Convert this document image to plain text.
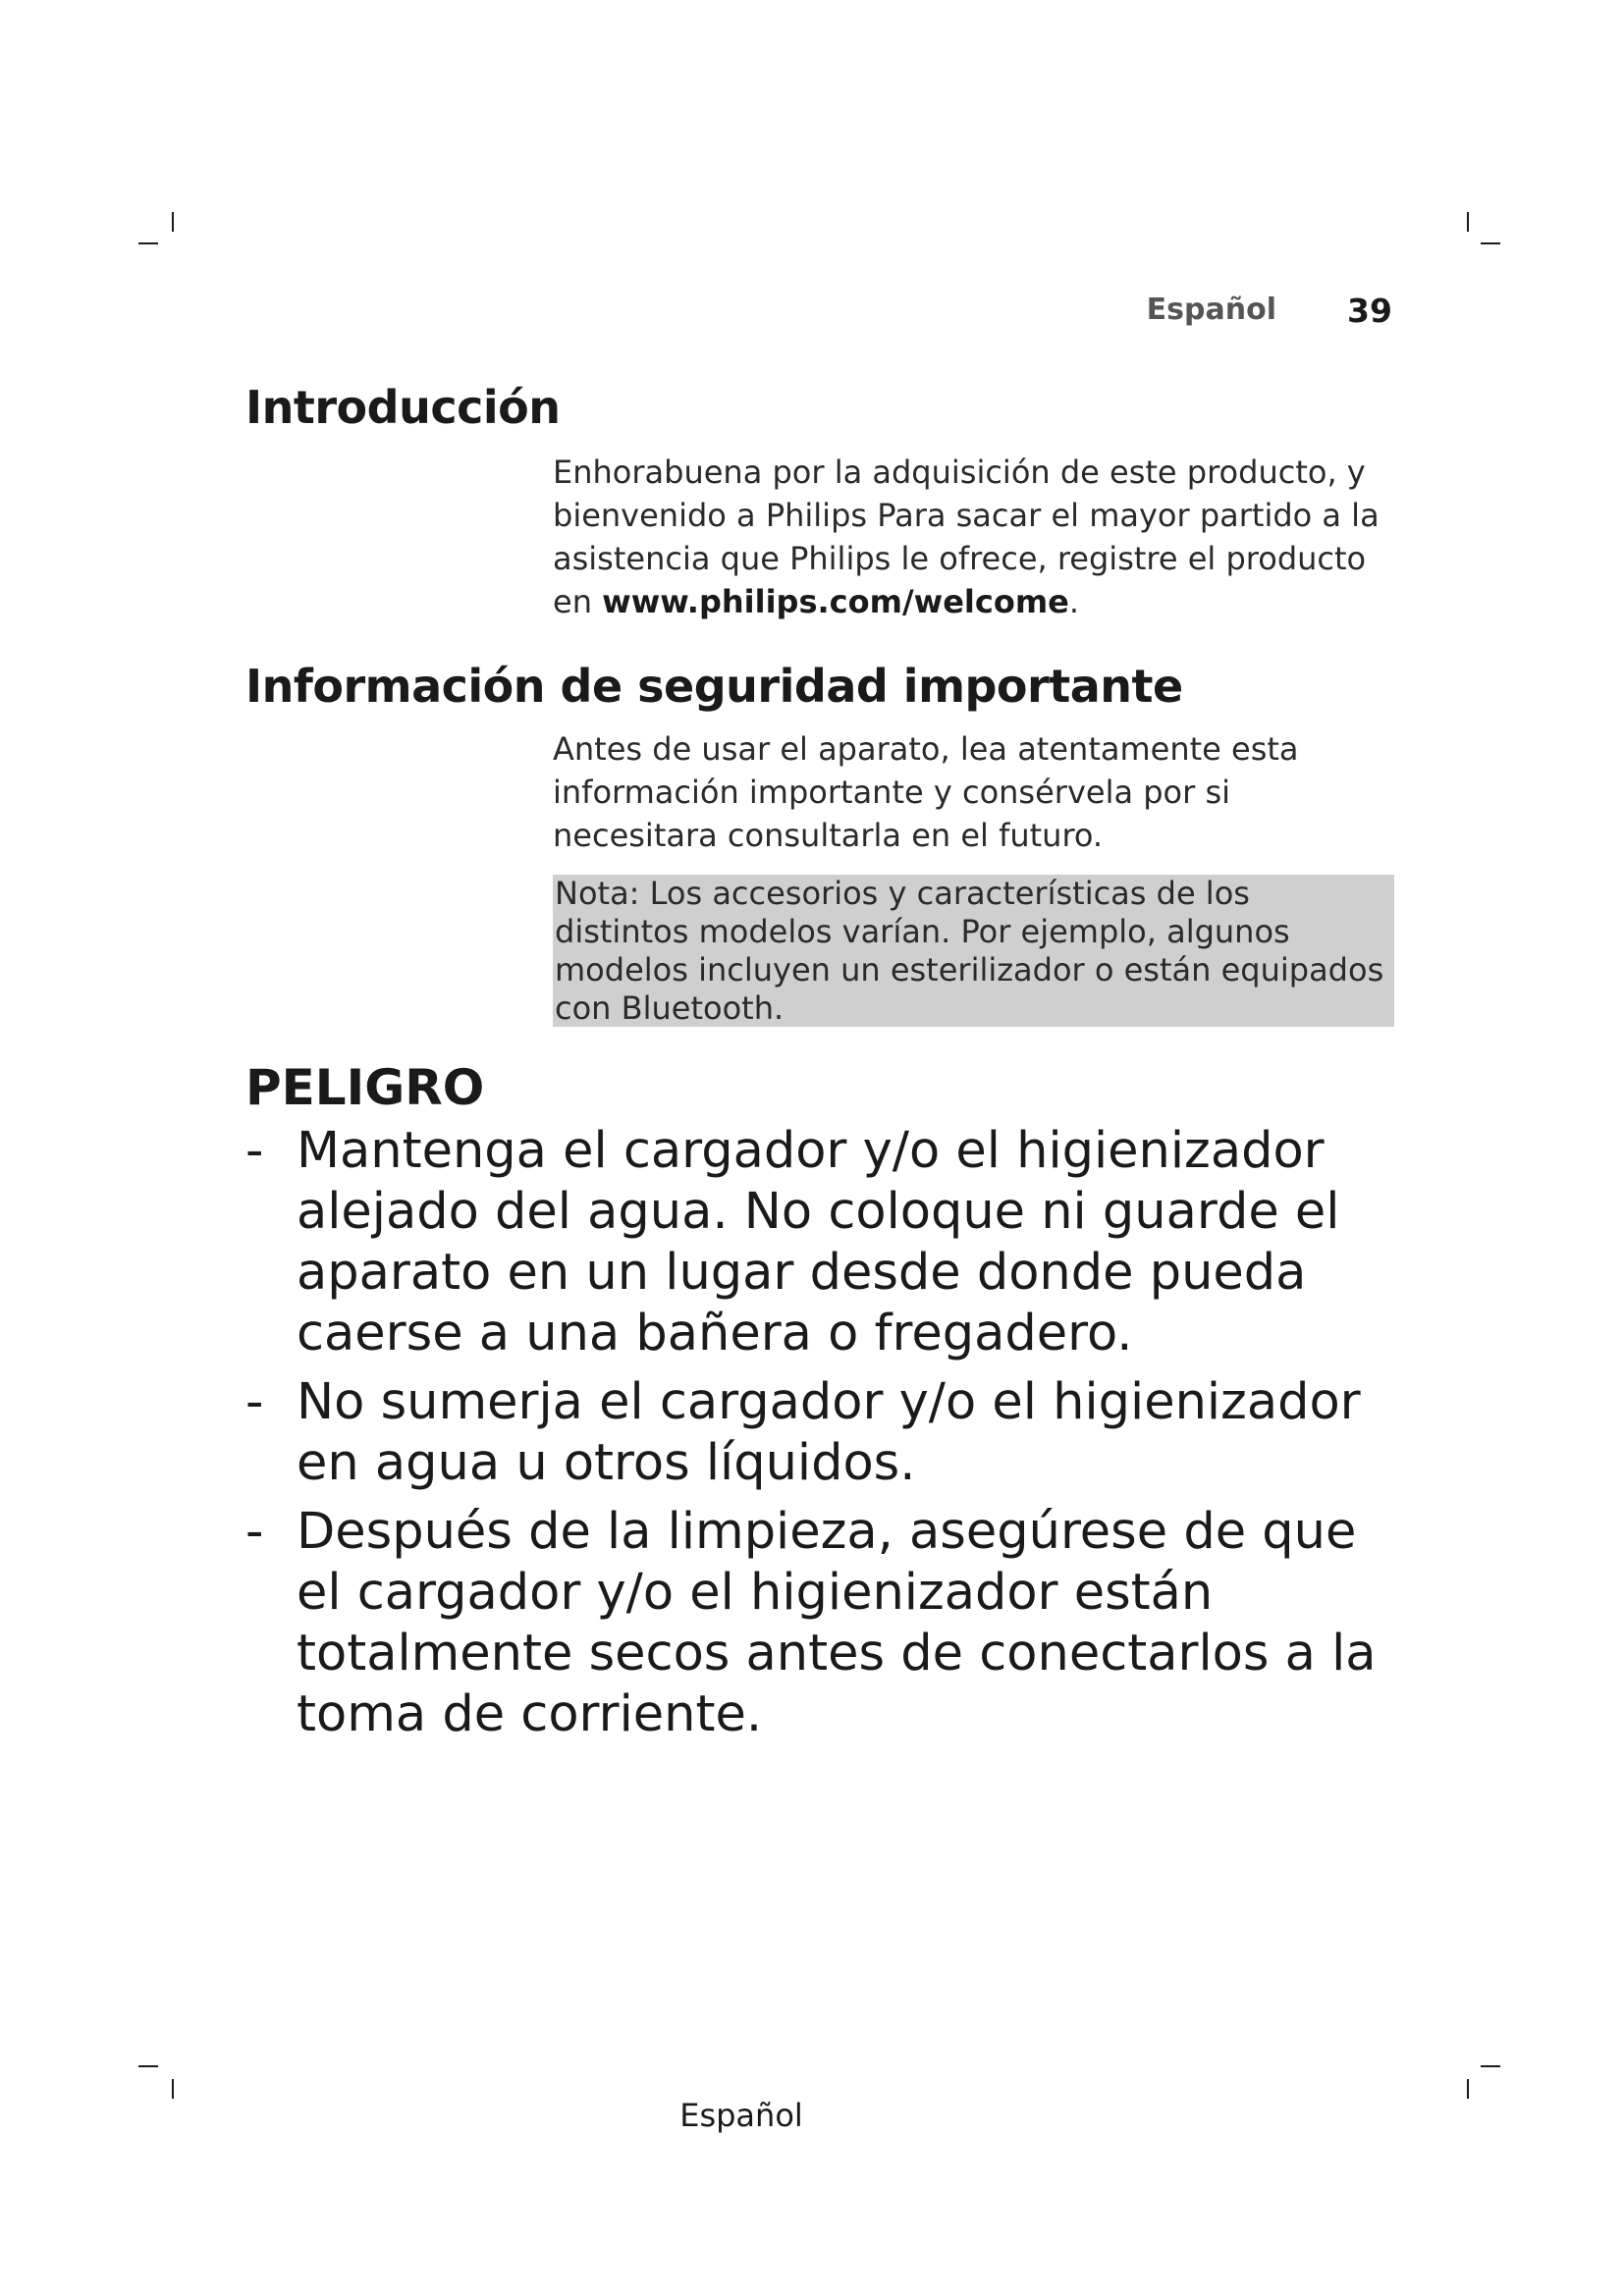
Español 39
Introducción

Enhorabuena por la adquisición de este producto, y bienvenido a Philips Para sacar el mayor partido a la asistencia que Philips le ofrece, registre el producto en www.philips.com/welcome.

Información de seguridad importante

Antes de usar el aparato, lea atentamente esta información importante y consérvela por si necesitara consultarla en el futuro.

Nota: Los accesorios y características de los distintos modelos varían. Por ejemplo, algunos modelos incluyen un esterilizador o están equipados con Bluetooth.
PELIGRO
- Mantenga el cargador y/o el higienizador alejado del agua. No coloque ni guarde el aparato en un lugar desde donde pueda caerse a una bañera o fregadero.
- No sumerja el cargador y/o el higienizador en agua u otros líquidos.
- Después de la limpieza, asegúrese de que el cargador y/o el higienizador están totalmente secos antes de conectarlos a la toma de corriente.
Español
